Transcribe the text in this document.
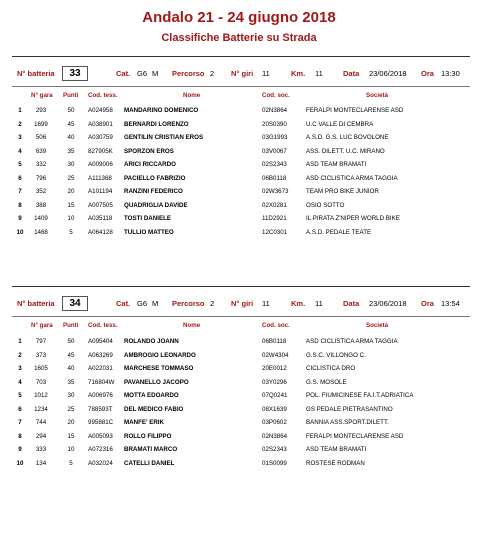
Andalo 21 - 24 giugno 2018
Classifiche Batterie su Strada
N° batteria	33	Cat. G6 M Percorso 2 N° giri 11	Km. 11	Data 23/06/2018 Ora 13:30
N° gara Punti Cod. tess.	Nome	Cod. soc.	Società
1	293	50	A024958 MANDARINO DOMENICO	02N3864	FERALPI MONTECLARENSE ASD
2	1699	45	A038901 BERNARDI LORENZO	20S0390	U.C VALLE DI CEMBRA
3	506	40	A030759 GENTILIN CRISTIAN EROS	03G1993	A.S.D. G.S. LUC BOVOLONE
4	639	35	827905K SPORZON EROS	03V0067	ASS. DILETT. U.C. MIRANO
5	332	30	A009006 ARICI RICCARDO	02S2343	ASD TEAM BRAMATI
6	796	25	A111368 PACIELLO FABRIZIO	06B0118	ASD CICLISTICA ARMA TAGGIA
7	352	20	A101194 RANZINI FEDERICO	02W3673	TEAM PRO BIKE JUNIOR
8	388	15	A007505 QUADRIGLIA DAVIDE	02X0281	OSIO SOTTO
9	1409	10	A035118 TOSTI DANIELE	11D2921	IL PIRATA Z'NIPER WORLD BIKE
10	1468	5	A064128 TULLIO MATTEO	12C0301	A.S.D. PEDALE TEATE
N° batteria	34	Cat. G6 M Percorso 2 N° giri 11	Km. 11	Data 23/06/2018 Ora 13:54
N° gara Punti Cod. tess.	Nome	Cod. soc.	Società
1	797	50	A095404 ROLANDO JOANN	06B0118	ASD CICLISTICA ARMA TAGGIA
2	373	45	A063269 AMBROGIO LEONARDO	02W4304	G.S.C. VILLONGO C.
3	1605	40	A022031 MARCHESE TOMMASO	20E0012	CICLISTICA DRO
4	703	35	716804W PAVANELLO JACOPO	03Y0296	G.S. MOSOLE
5	1012	30	A006976 MOTTA EDOARDO	07Q0241	POL. FIUMICINESE FA.I.T.ADRIATICA
6	1234	25	788593T DEL MEDICO FABIO	08X1639	GS PEDALE PIETRASANTINO
7	744	20	995881C MANFE' ERIK	03P0602	BANNIA ASS.SPORT.DILETT.
8	294	15	A005093 ROLLO FILIPPO	02N3864	FERALPI MONTECLARENSE ASD
9	333	10	A072316 BRAMATI MARCO	02S2343	ASD TEAM BRAMATI
10	134	5	A032024 CATELLI DANIEL	01S0099	ROSTESE RODMAN
